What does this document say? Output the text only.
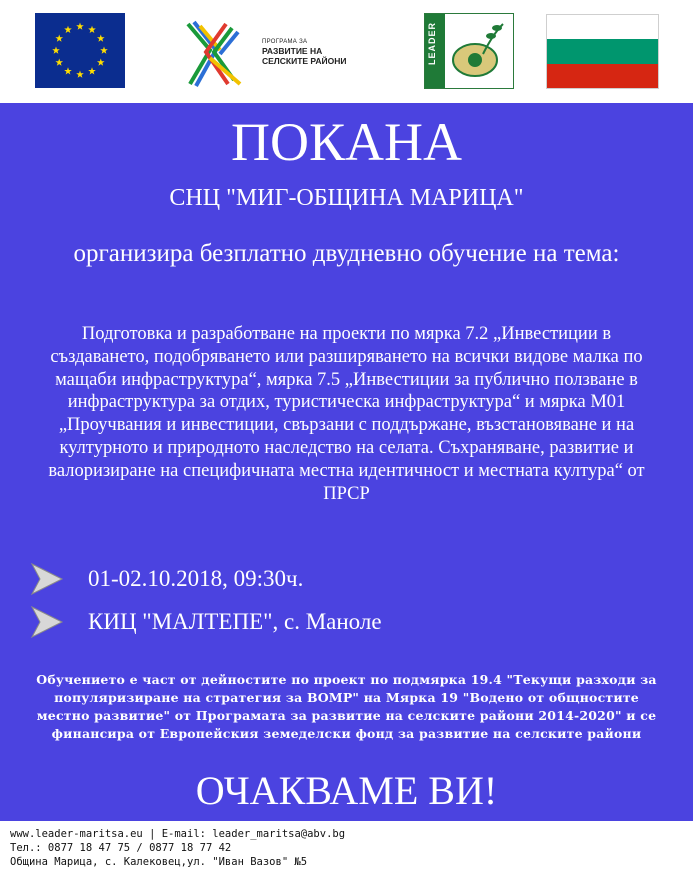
ПРОГРАМА ЗА
РАЗВИТИЕ НА
СЕЛСКИТЕ РАЙОНИ	LEADER
ПОКАНА
СНЦ "МИГ-ОБЩИНА МАРИЦА"
организира безплатно двудневно обучение на тема:
Подготовка и разработване на проекти по мярка 7.2 „Инвестиции в създаването, подобряването или разширяването на всички видове малка по мащаби инфраструктура“, мярка 7.5 „Инвестиции за публично ползване в инфраструктура за отдих, туристическа инфраструктура“ и мярка М01 „Проучвания и инвестиции, свързани с поддържане, възстановяване и на културното и природното наследство на селата. Съхраняване, развитие и валоризиране на специфичната местна идентичност и местната култура“ от ПРСР
01-02.10.2018, 09:30ч.
КИЦ "МАЛТЕПЕ", с. Маноле
Обучението е част от дейностите по проект по подмярка 19.4 "Текущи разходи за популяризиране на стратегия за ВОМР" на Мярка 19 "Водено от общностите местно развитие" от Програмата за развитие на селските райони 2014-2020" и се финансира от Европейския земеделски фонд за развитие на селските райони
ОЧАКВАМЕ ВИ!
www.leader-maritsa.eu | E-mail: leader_maritsa@abv.bg
Тел.: 0877 18 47 75 / 0877 18 77 42
Община Марица, с. Калековец,ул. "Иван Вазов" №5
